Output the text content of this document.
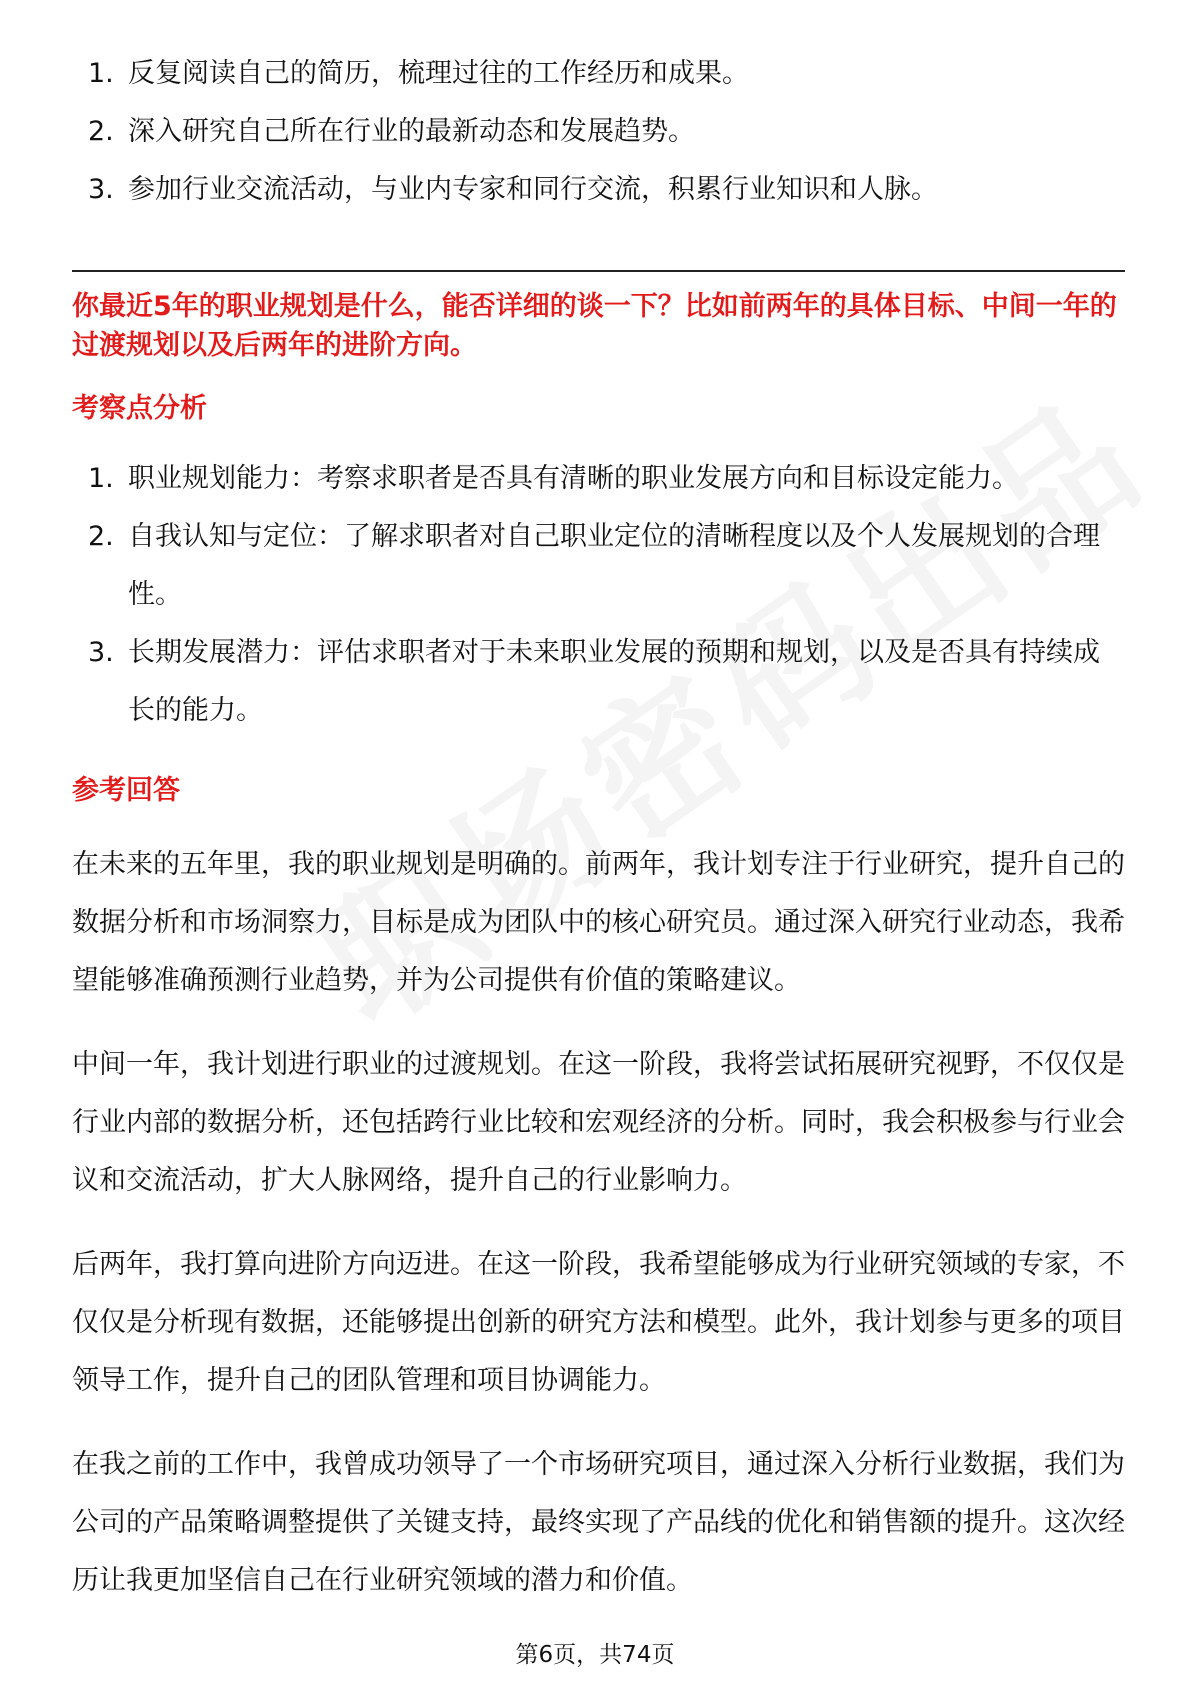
1. 反复阅读自己的简历，梳理过往的工作经历和成果。
2. 深入研究自己所在行业的最新动态和发展趋势。
3. 参加行业交流活动，与业内专家和同行交流，积累行业知识和人脉。
你最近5年的职业规划是什么，能否详细的谈一下？比如前两年的具体目标、中间一年的过渡规划以及后两年的进阶方向。
考察点分析
1. 职业规划能力：考察求职者是否具有清晰的职业发展方向和目标设定能力。
2. 自我认知与定位：了解求职者对自己职业定位的清晰程度以及个人发展规划的合理性。
3. 长期发展潜力：评估求职者对于未来职业发展的预期和规划，以及是否具有持续成长的能力。
参考回答

在未来的五年里，我的职业规划是明确的。前两年，我计划专注于行业研究，提升自己的数据分析和市场洞察力，目标是成为团队中的核心研究员。通过深入研究行业动态，我希望能够准确预测行业趋势，并为公司提供有价值的策略建议。

中间一年，我计划进行职业的过渡规划。在这一阶段，我将尝试拓展研究视野，不仅仅是行业内部的数据分析，还包括跨行业比较和宏观经济的分析。同时，我会积极参与行业会议和交流活动，扩大人脉网络，提升自己的行业影响力。

后两年，我打算向进阶方向迈进。在这一阶段，我希望能够成为行业研究领域的专家，不仅仅是分析现有数据，还能够提出创新的研究方法和模型。此外，我计划参与更多的项目领导工作，提升自己的团队管理和项目协调能力。

在我之前的工作中，我曾成功领导了一个市场研究项目，通过深入分析行业数据，我们为公司的产品策略调整提供了关键支持，最终实现了产品线的优化和销售额的提升。这次经历让我更加坚信自己在行业研究领域的潜力和价值。

第6页，共74页
